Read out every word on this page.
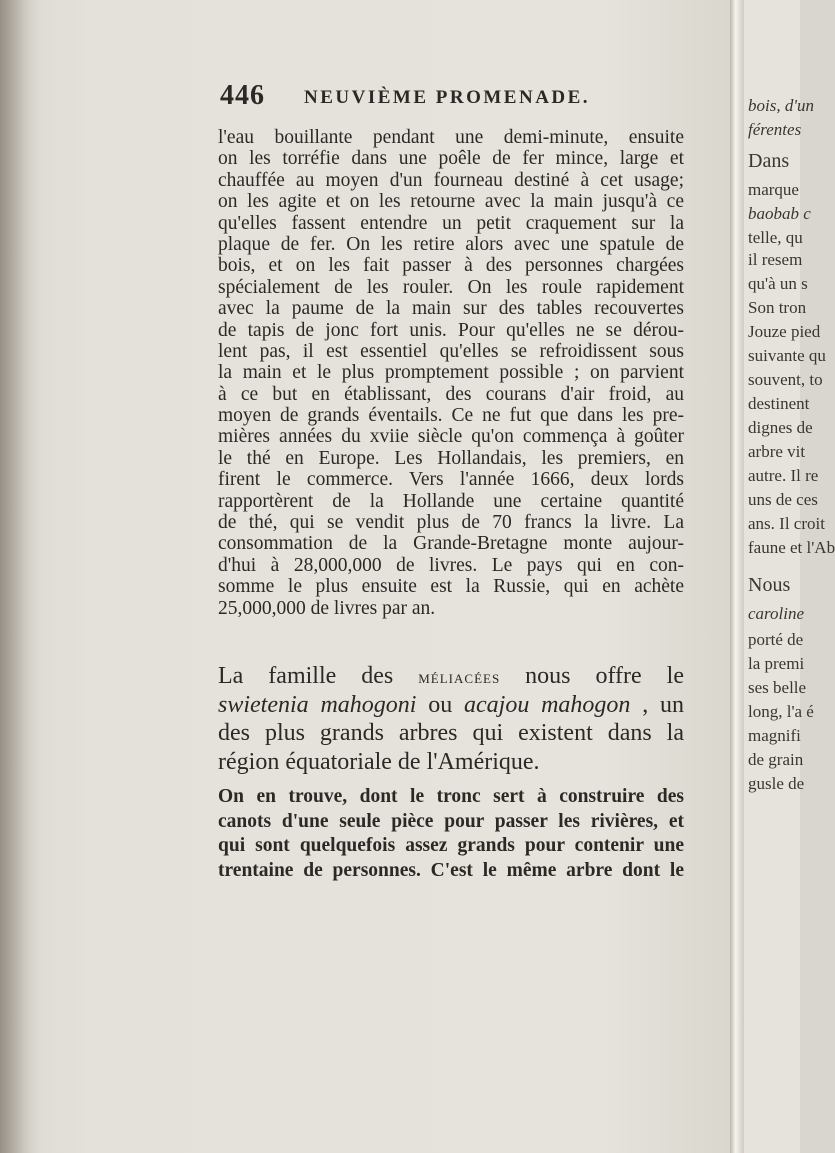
446 NEUVIÈME PROMENADE.
l'eau bouillante pendant une demi-minute, ensuite
on les torréfie dans une poêle de fer mince, large et
chauffée au moyen d'un fourneau destiné à cet usage;
on les agite et on les retourne avec la main jusqu'à ce
qu'elles fassent entendre un petit craquement sur la
plaque de fer. On les retire alors avec une spatule de
bois, et on les fait passer à des personnes chargées
spécialement de les rouler. On les roule rapidement
avec la paume de la main sur des tables recouvertes
de tapis de jonc fort unis. Pour qu'elles ne se dérou-
lent pas, il est essentiel qu'elles se refroidissent sous
la main et le plus promptement possible ; on parvient
à ce but en établissant, des courans d'air froid, au
moyen de grands éventails. Ce ne fut que dans les pre-
mières années du xviie siècle qu'on commença à goûter
le thé en Europe. Les Hollandais, les premiers, en
firent le commerce. Vers l'année 1666, deux lords
rapportèrent de la Hollande une certaine quantité
de thé, qui se vendit plus de 70 francs la livre. La
consommation de la Grande-Bretagne monte aujour-
d'hui à 28,000,000 de livres. Le pays qui en con-
somme le plus ensuite est la Russie, qui en achète
25,000,000 de livres par an.
La famille des méliacées nous offre le
swietenia mahogoni ou acajou mahogon , un
des plus grands arbres qui existent dans la
région équatoriale de l'Amérique.
On en trouve, dont le tronc sert à construire des
canots d'une seule pièce pour passer les rivières, et
qui sont quelquefois assez grands pour contenir une
trentaine de personnes. C'est le même arbre dont le
bois, d'un
férentes
Dans
marque
baobab c
telle, qu
il resem
qu'à un s
Son tron
Jouze pied
suivante qu
souvent, to
destinent
dignes de
arbre vit
autre. Il re
uns de ces
ans. Il croit
faune et l'Ab
Nous
caroline
porté de
la premi
ses belle
long, l'a é
magnifi
de grain
gusle de
